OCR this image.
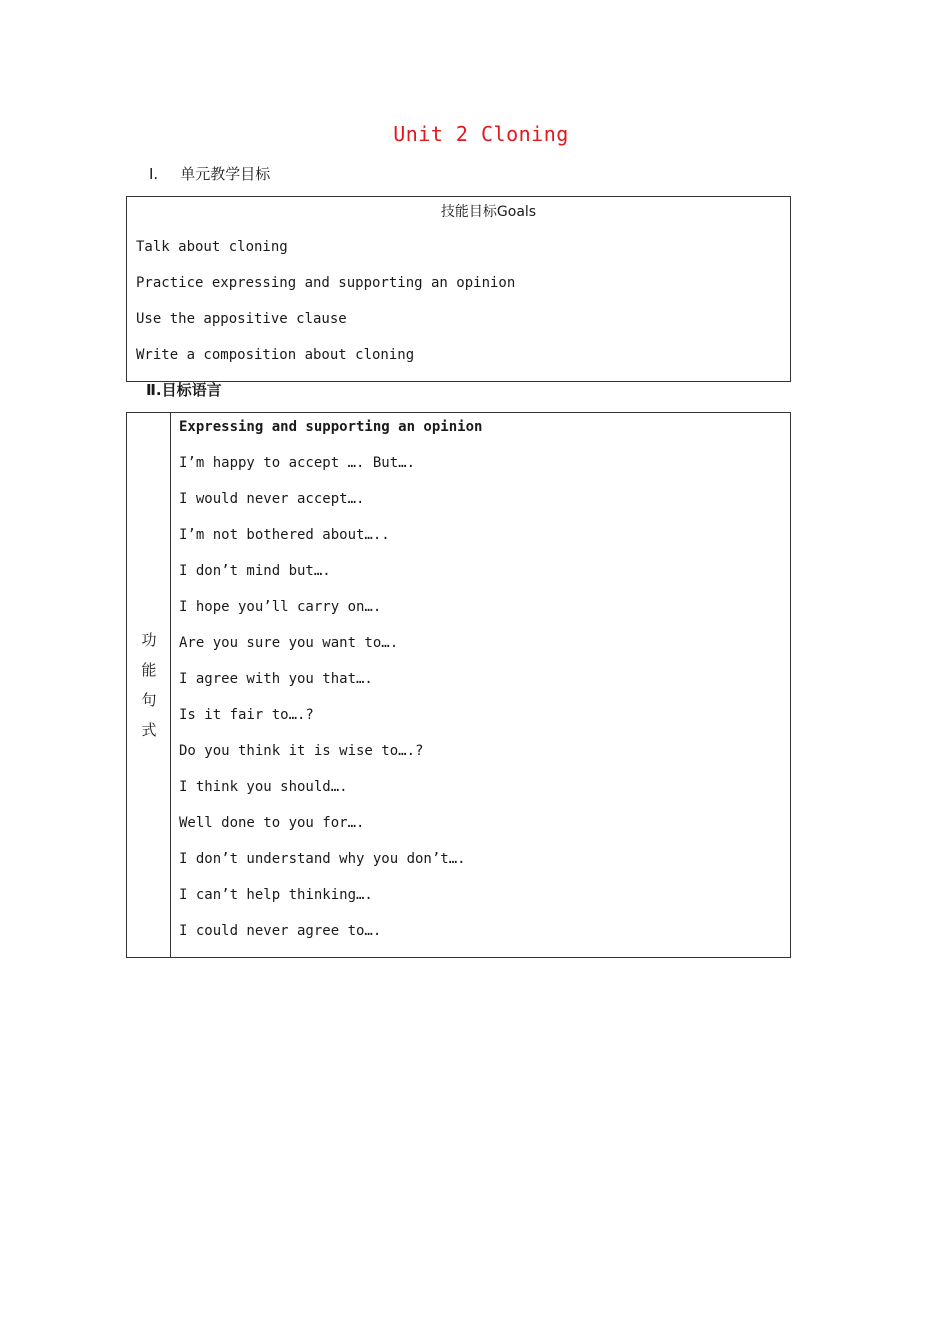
Unit 2 Cloning
Ⅰ. 单元教学目标
技能目标Goals
Talk about cloning
Practice expressing and supporting an opinion
Use the appositive clause
Write a composition about cloning
Ⅱ.目标语言
功
能
句
式

Expressing and supporting an opinion
I’m happy to accept …. But….
I would never accept….
I’m not bothered about…..
I don’t mind but….
I hope you’ll carry on….
Are you sure you want to….
I agree with you that….
Is it fair to….?
Do you think it is wise to….?
I think you should….
Well done to you for….
I don’t understand why you don’t….
I can’t help thinking….
I could never agree to….
